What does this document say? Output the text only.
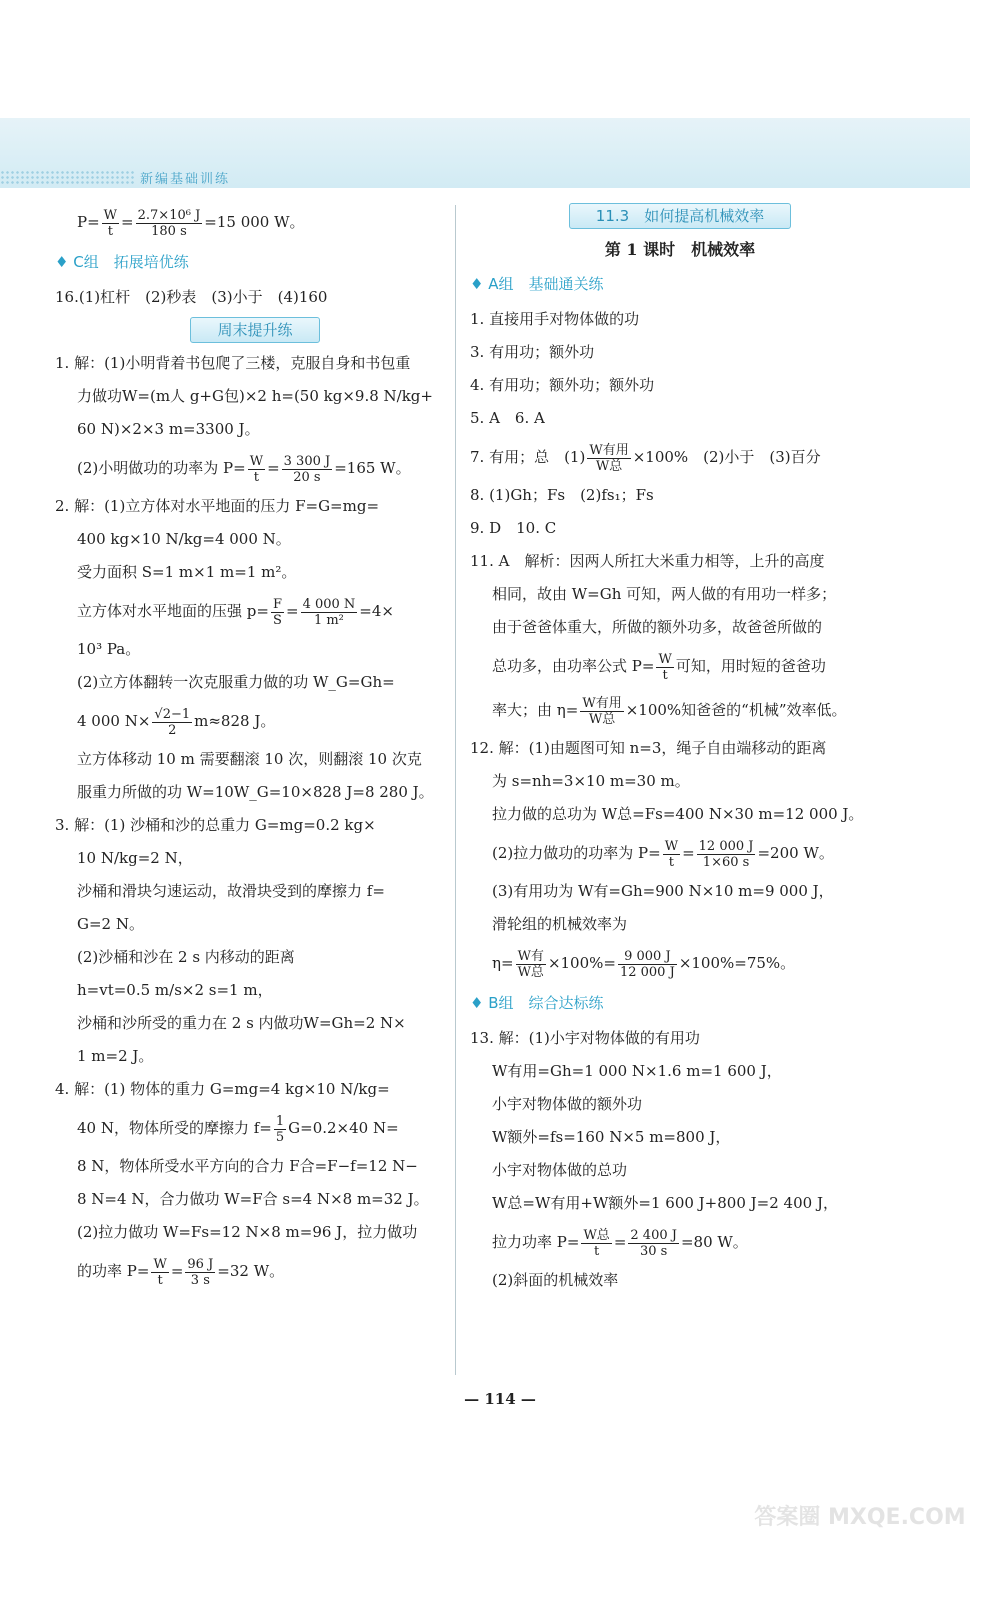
新编基础训练
$P= \frac{W}{t} = \frac{\text{2.7×10⁶ J}}{180 s} =15$ 000 W。
♦ C组　拓展培优练
16.(1)杠杆　(2)秒表　(3)小于　(4)160
周末提升练
1. 解：(1)小明背着书包爬了三楼，克服自身和书包重
力做功W=(m人 g+G包)×2 h=(50 kg×9.8 N/kg+
60 N)×2×3 m=3300 J。
(2)小明做功的功率为 $P= \frac{W}{t} = \frac{3 300 J}{20 s} =165$ W。
2. 解：(1)立方体对水平地面的压力 F=G=mg=
400 kg×10 N/kg=4 000 N。
受力面积 S=1 m×1 m=1 m²。
立方体对水平地面的压强 $p= \frac{F}{S} = \frac{4 000 N}{\text{1 m²}} =4\times$
10³ Pa。
(2)立方体翻转一次克服重力做的功 W_G=Gh=
4 000 $N\times \frac{√2-1}{2} m\approx 828$ J。
立方体移动 10 m 需要翻滚 10 次，则翻滚 10 次克
服重力所做的功 W=10W_G=10×828 J=8 280 J。
3. 解：(1) 沙桶和沙的总重力 G=mg=0.2 kg×
10 N/kg=2 N，
沙桶和滑块匀速运动，故滑块受到的摩擦力 f=
G=2 N。
(2)沙桶和沙在 2 s 内移动的距离
h=vt=0.5 m/s×2 s=1 m，
沙桶和沙所受的重力在 2 s 内做功W=Gh=2 N×
1 m=2 J。
4. 解：(1) 物体的重力 G=mg=4 kg×10 N/kg=
40 N，物体所受的摩擦力 $f= \frac{1}{5} G=0.2\times 40$ N=
8 N，物体所受水平方向的合力 F合=F−f=12 N−
8 N=4 N，合力做功 W=F合 s=4 N×8 m=32 J。
(2)拉力做功 W=Fs=12 N×8 m=96 J，拉力做功
的功率 $P= \frac{W}{t} = \frac{96 J}{3 s} =32$ W。
11.3　如何提高机械效率
第 1 课时　机械效率
♦ A组　基础通关练
1. 直接用手对物体做的功
3. 有用功；额外功
4. 有用功；额外功；额外功
5. A　6. A
7. 有用；总　$(1) \frac{\text{W有用}}{\text{W总}} \times 100\%$　(2)小于　(3)百分
8. (1)Gh；Fs　(2)fs₁；Fs
9. D　10. C
11. A　解析：因两人所扛大米重力相等，上升的高度
相同，故由 W=Gh 可知，两人做的有用功一样多；
由于爸爸体重大，所做的额外功多，故爸爸所做的
总功多，由功率公式 $P= \frac{W}{t}$ 可知，用时短的爸爸功
率大；由 $\eta= \frac{\text{W有用}}{\text{W总}} \times 100\%$知爸爸的“机械”效率低。
12. 解：(1)由题图可知 n=3，绳子自由端移动的距离
为 s=nh=3×10 m=30 m。
拉力做的总功为 W总=Fs=400 N×30 m=12 000 J。
(2)拉力做功的功率为 $P= \frac{W}{t} = \frac{12 000 J}{1\times 60 s} =200$ W。
(3)有用功为 W有=Gh=900 N×10 m=9 000 J，
滑轮组的机械效率为
$\eta= \frac{\text{W有}}{\text{W总}} \times 100\%= \frac{9 000 J}{12 000 J} \times 100\%=75\%$。
♦ B组　综合达标练
13. 解：(1)小宇对物体做的有用功
W有用=Gh=1 000 N×1.6 m=1 600 J，
小宇对物体做的额外功
W额外=fs=160 N×5 m=800 J，
小宇对物体做的总功
W总=W有用+W额外=1 600 J+800 J=2 400 J，
拉力功率 $P= \frac{\text{W总}}{t} = \frac{2 400 J}{30 s} =80$ W。
(2)斜面的机械效率
— 114 —
答案圈 MXQE.COM
